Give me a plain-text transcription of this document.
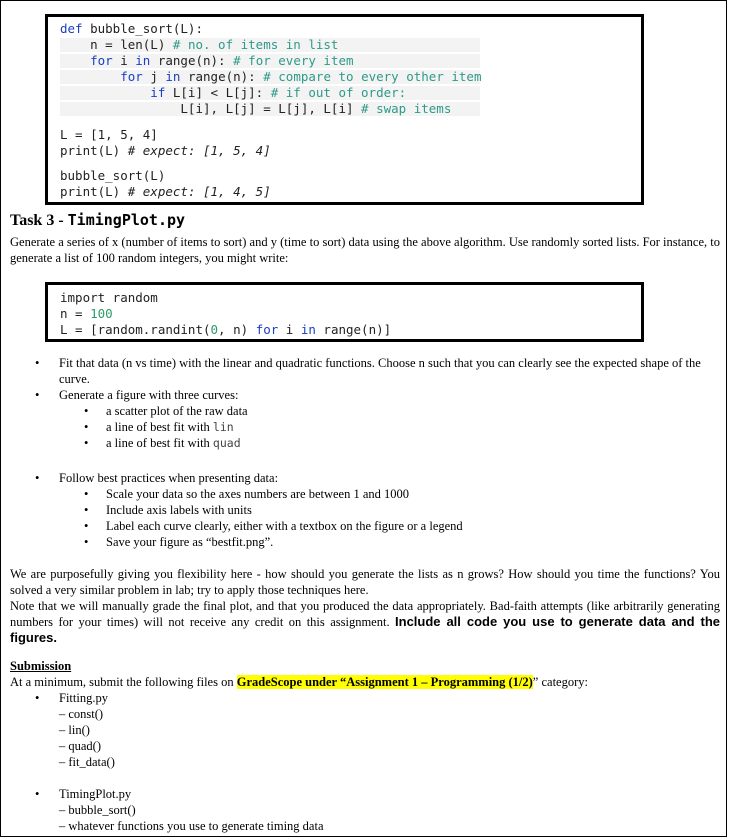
def bubble_sort(L):
n = len(L) # no. of items in list
for i in range(n): # for every item
for j in range(n): # compare to every other item
if L[i] < L[j]: # if out of order:
L[i], L[j] = L[j], L[i] # swap items
L = [1, 5, 4]
print(L) # expect: [1, 5, 4]
bubble_sort(L)
print(L) # expect: [1, 4, 5]
Task 3 - TimingPlot.py
Generate a series of x (number of items to sort) and y (time to sort) data using the above algorithm. Use randomly sorted lists. For instance, to generate a list of 100 random integers, you might write:
import random
n = 100
L = [random.randint(0, n) for i in range(n)]
• Fit that data (n vs time) with the linear and quadratic functions. Choose n such that you can clearly see the expected shape of the curve.
• Generate a figure with three curves:
• a scatter plot of the raw data
• a line of best fit with lin
• a line of best fit with quad
• Follow best practices when presenting data:
• Scale your data so the axes numbers are between 1 and 1000
• Include axis labels with units
• Label each curve clearly, either with a textbox on the figure or a legend
• Save your figure as “bestfit.png”.
We are purposefully giving you flexibility here - how should you generate the lists as n grows? How should you time the functions? You solved a very similar problem in lab; try to apply those techniques here.
Note that we will manually grade the final plot, and that you produced the data appropriately. Bad-faith attempts (like arbitrarily generating numbers for your times) will not receive any credit on this assignment. Include all code you use to generate data and the figures.
Submission
At a minimum, submit the following files on GradeScope under “Assignment 1 – Programming (1/2)” category:
• Fitting.py
– const()
– lin()
– quad()
– fit_data()
• TimingPlot.py
– bubble_sort()
– whatever functions you use to generate timing data
